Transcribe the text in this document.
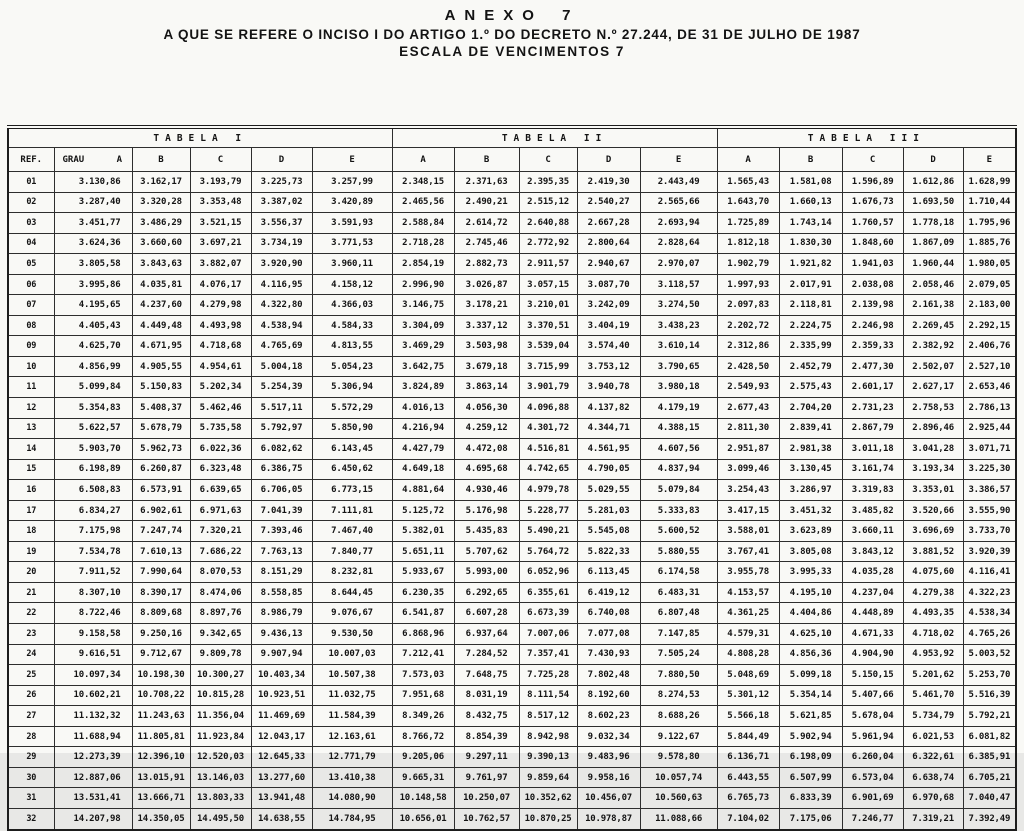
ANEXO 7
A QUE SE REFERE O INCISO I DO ARTIGO 1.º DO DECRETO N.º 27.244, DE 31 DE JULHO DE 1987
ESCALA DE VENCIMENTOS 7
TABELA I						TABELA II					TABELA III				
REF.	GRAU      A	B	C	D	E	A	B	C	D	E	A	B	C	D	E
01	3.130,86	3.162,17	3.193,79	3.225,73	3.257,99	2.348,15	2.371,63	2.395,35	2.419,30	2.443,49	1.565,43	1.581,08	1.596,89	1.612,86	1.628,99
02	3.287,40	3.320,28	3.353,48	3.387,02	3.420,89	2.465,56	2.490,21	2.515,12	2.540,27	2.565,66	1.643,70	1.660,13	1.676,73	1.693,50	1.710,44
03	3.451,77	3.486,29	3.521,15	3.556,37	3.591,93	2.588,84	2.614,72	2.640,88	2.667,28	2.693,94	1.725,89	1.743,14	1.760,57	1.778,18	1.795,96
04	3.624,36	3.660,60	3.697,21	3.734,19	3.771,53	2.718,28	2.745,46	2.772,92	2.800,64	2.828,64	1.812,18	1.830,30	1.848,60	1.867,09	1.885,76
05	3.805,58	3.843,63	3.882,07	3.920,90	3.960,11	2.854,19	2.882,73	2.911,57	2.940,67	2.970,07	1.902,79	1.921,82	1.941,03	1.960,44	1.980,05
06	3.995,86	4.035,81	4.076,17	4.116,95	4.158,12	2.996,90	3.026,87	3.057,15	3.087,70	3.118,57	1.997,93	2.017,91	2.038,08	2.058,46	2.079,05
07	4.195,65	4.237,60	4.279,98	4.322,80	4.366,03	3.146,75	3.178,21	3.210,01	3.242,09	3.274,50	2.097,83	2.118,81	2.139,98	2.161,38	2.183,00
08	4.405,43	4.449,48	4.493,98	4.538,94	4.584,33	3.304,09	3.337,12	3.370,51	3.404,19	3.438,23	2.202,72	2.224,75	2.246,98	2.269,45	2.292,15
09	4.625,70	4.671,95	4.718,68	4.765,69	4.813,55	3.469,29	3.503,98	3.539,04	3.574,40	3.610,14	2.312,86	2.335,99	2.359,33	2.382,92	2.406,76
10	4.856,99	4.905,55	4.954,61	5.004,18	5.054,23	3.642,75	3.679,18	3.715,99	3.753,12	3.790,65	2.428,50	2.452,79	2.477,30	2.502,07	2.527,10
11	5.099,84	5.150,83	5.202,34	5.254,39	5.306,94	3.824,89	3.863,14	3.901,79	3.940,78	3.980,18	2.549,93	2.575,43	2.601,17	2.627,17	2.653,46
12	5.354,83	5.408,37	5.462,46	5.517,11	5.572,29	4.016,13	4.056,30	4.096,88	4.137,82	4.179,19	2.677,43	2.704,20	2.731,23	2.758,53	2.786,13
13	5.622,57	5.678,79	5.735,58	5.792,97	5.850,90	4.216,94	4.259,12	4.301,72	4.344,71	4.388,15	2.811,30	2.839,41	2.867,79	2.896,46	2.925,44
14	5.903,70	5.962,73	6.022,36	6.082,62	6.143,45	4.427,79	4.472,08	4.516,81	4.561,95	4.607,56	2.951,87	2.981,38	3.011,18	3.041,28	3.071,71
15	6.198,89	6.260,87	6.323,48	6.386,75	6.450,62	4.649,18	4.695,68	4.742,65	4.790,05	4.837,94	3.099,46	3.130,45	3.161,74	3.193,34	3.225,30
16	6.508,83	6.573,91	6.639,65	6.706,05	6.773,15	4.881,64	4.930,46	4.979,78	5.029,55	5.079,84	3.254,43	3.286,97	3.319,83	3.353,01	3.386,57
17	6.834,27	6.902,61	6.971,63	7.041,39	7.111,81	5.125,72	5.176,98	5.228,77	5.281,03	5.333,83	3.417,15	3.451,32	3.485,82	3.520,66	3.555,90
18	7.175,98	7.247,74	7.320,21	7.393,46	7.467,40	5.382,01	5.435,83	5.490,21	5.545,08	5.600,52	3.588,01	3.623,89	3.660,11	3.696,69	3.733,70
19	7.534,78	7.610,13	7.686,22	7.763,13	7.840,77	5.651,11	5.707,62	5.764,72	5.822,33	5.880,55	3.767,41	3.805,08	3.843,12	3.881,52	3.920,39
20	7.911,52	7.990,64	8.070,53	8.151,29	8.232,81	5.933,67	5.993,00	6.052,96	6.113,45	6.174,58	3.955,78	3.995,33	4.035,28	4.075,60	4.116,41
21	8.307,10	8.390,17	8.474,06	8.558,85	8.644,45	6.230,35	6.292,65	6.355,61	6.419,12	6.483,31	4.153,57	4.195,10	4.237,04	4.279,38	4.322,23
22	8.722,46	8.809,68	8.897,76	8.986,79	9.076,67	6.541,87	6.607,28	6.673,39	6.740,08	6.807,48	4.361,25	4.404,86	4.448,89	4.493,35	4.538,34
23	9.158,58	9.250,16	9.342,65	9.436,13	9.530,50	6.868,96	6.937,64	7.007,06	7.077,08	7.147,85	4.579,31	4.625,10	4.671,33	4.718,02	4.765,26
24	9.616,51	9.712,67	9.809,78	9.907,94	10.007,03	7.212,41	7.284,52	7.357,41	7.430,93	7.505,24	4.808,28	4.856,36	4.904,90	4.953,92	5.003,52
25	10.097,34	10.198,30	10.300,27	10.403,34	10.507,38	7.573,03	7.648,75	7.725,28	7.802,48	7.880,50	5.048,69	5.099,18	5.150,15	5.201,62	5.253,70
26	10.602,21	10.708,22	10.815,28	10.923,51	11.032,75	7.951,68	8.031,19	8.111,54	8.192,60	8.274,53	5.301,12	5.354,14	5.407,66	5.461,70	5.516,39
27	11.132,32	11.243,63	11.356,04	11.469,69	11.584,39	8.349,26	8.432,75	8.517,12	8.602,23	8.688,26	5.566,18	5.621,85	5.678,04	5.734,79	5.792,21
28	11.688,94	11.805,81	11.923,84	12.043,17	12.163,61	8.766,72	8.854,39	8.942,98	9.032,34	9.122,67	5.844,49	5.902,94	5.961,94	6.021,53	6.081,82
29	12.273,39	12.396,10	12.520,03	12.645,33	12.771,79	9.205,06	9.297,11	9.390,13	9.483,96	9.578,80	6.136,71	6.198,09	6.260,04	6.322,61	6.385,91
30	12.887,06	13.015,91	13.146,03	13.277,60	13.410,38	9.665,31	9.761,97	9.859,64	9.958,16	10.057,74	6.443,55	6.507,99	6.573,04	6.638,74	6.705,21
31	13.531,41	13.666,71	13.803,33	13.941,48	14.080,90	10.148,58	10.250,07	10.352,62	10.456,07	10.560,63	6.765,73	6.833,39	6.901,69	6.970,68	7.040,47
32	14.207,98	14.350,05	14.495,50	14.638,55	14.784,95	10.656,01	10.762,57	10.870,25	10.978,87	11.088,66	7.104,02	7.175,06	7.246,77	7.319,21	7.392,49
